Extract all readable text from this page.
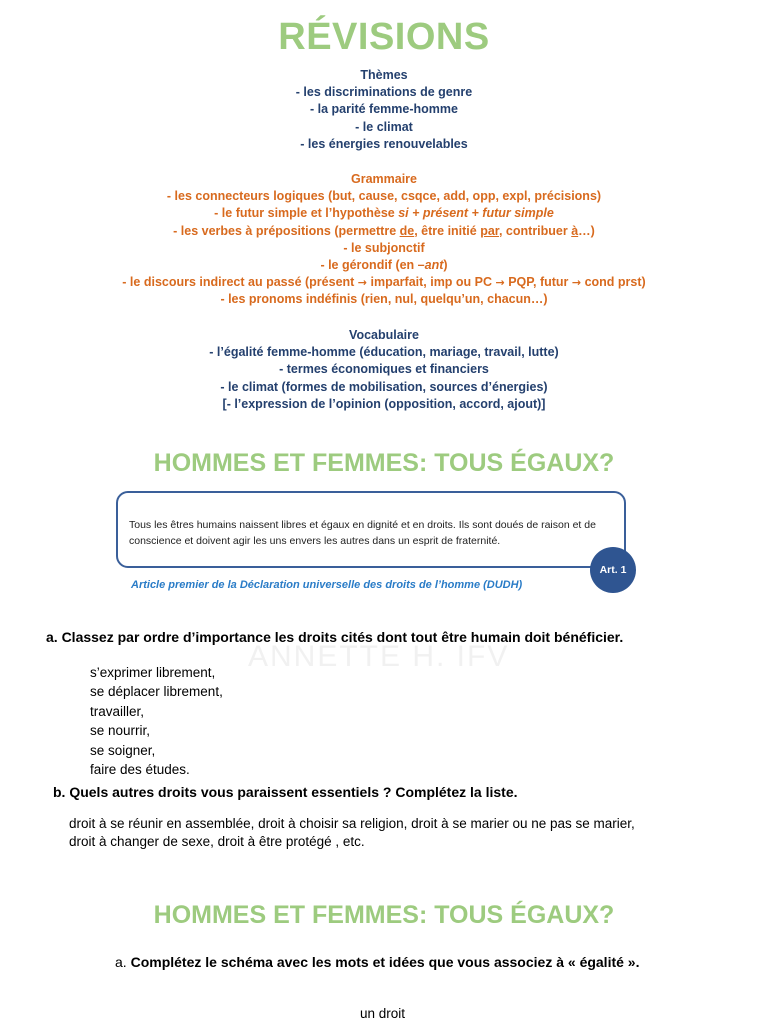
RÉVISIONS
Thèmes
- les discriminations de genre
- la parité femme-homme
- le climat
- les énergies renouvelables
Grammaire
- les connecteurs logiques (but, cause, csqce, add, opp, expl, précisions)
- le futur simple et l’hypothèse si + présent + futur simple
- les verbes à prépositions (permettre de, être initié par, contribuer à…)
- le subjonctif
- le gérondif (en –ant)
- le discours indirect au passé (présent → imparfait, imp ou PC → PQP, futur → cond prst)
- les pronoms indéfinis (rien, nul, quelqu’un, chacun…)
Vocabulaire
- l’égalité femme-homme (éducation, mariage, travail, lutte)
- termes économiques et financiers
- le climat (formes de mobilisation, sources d’énergies)
[- l’expression de l’opinion (opposition, accord, ajout)]
HOMMES ET FEMMES: TOUS ÉGAUX?
Tous les êtres humains naissent libres et égaux en dignité et en droits. Ils sont doués de raison et de conscience et doivent agir les uns envers les autres dans un esprit de fraternité.
Art. 1
Article premier de la Déclaration universelle des droits de l’homme (DUDH)
ANNETTE H. IFV
a. Classez par ordre d’importance les droits cités dont tout être humain doit bénéficier.
s’exprimer librement,
se déplacer librement,
travailler,
se nourrir,
se soigner,
faire des études.
b. Quels autres droits vous paraissent essentiels ? Complétez la liste.
droit à se réunir en assemblée, droit à choisir sa religion, droit à se marier ou ne pas se marier,
droit à changer de sexe, droit à être protégé , etc.
HOMMES ET FEMMES: TOUS ÉGAUX?
a. Complétez le schéma avec les mots et idées que vous associez à « égalité ».
un droit
